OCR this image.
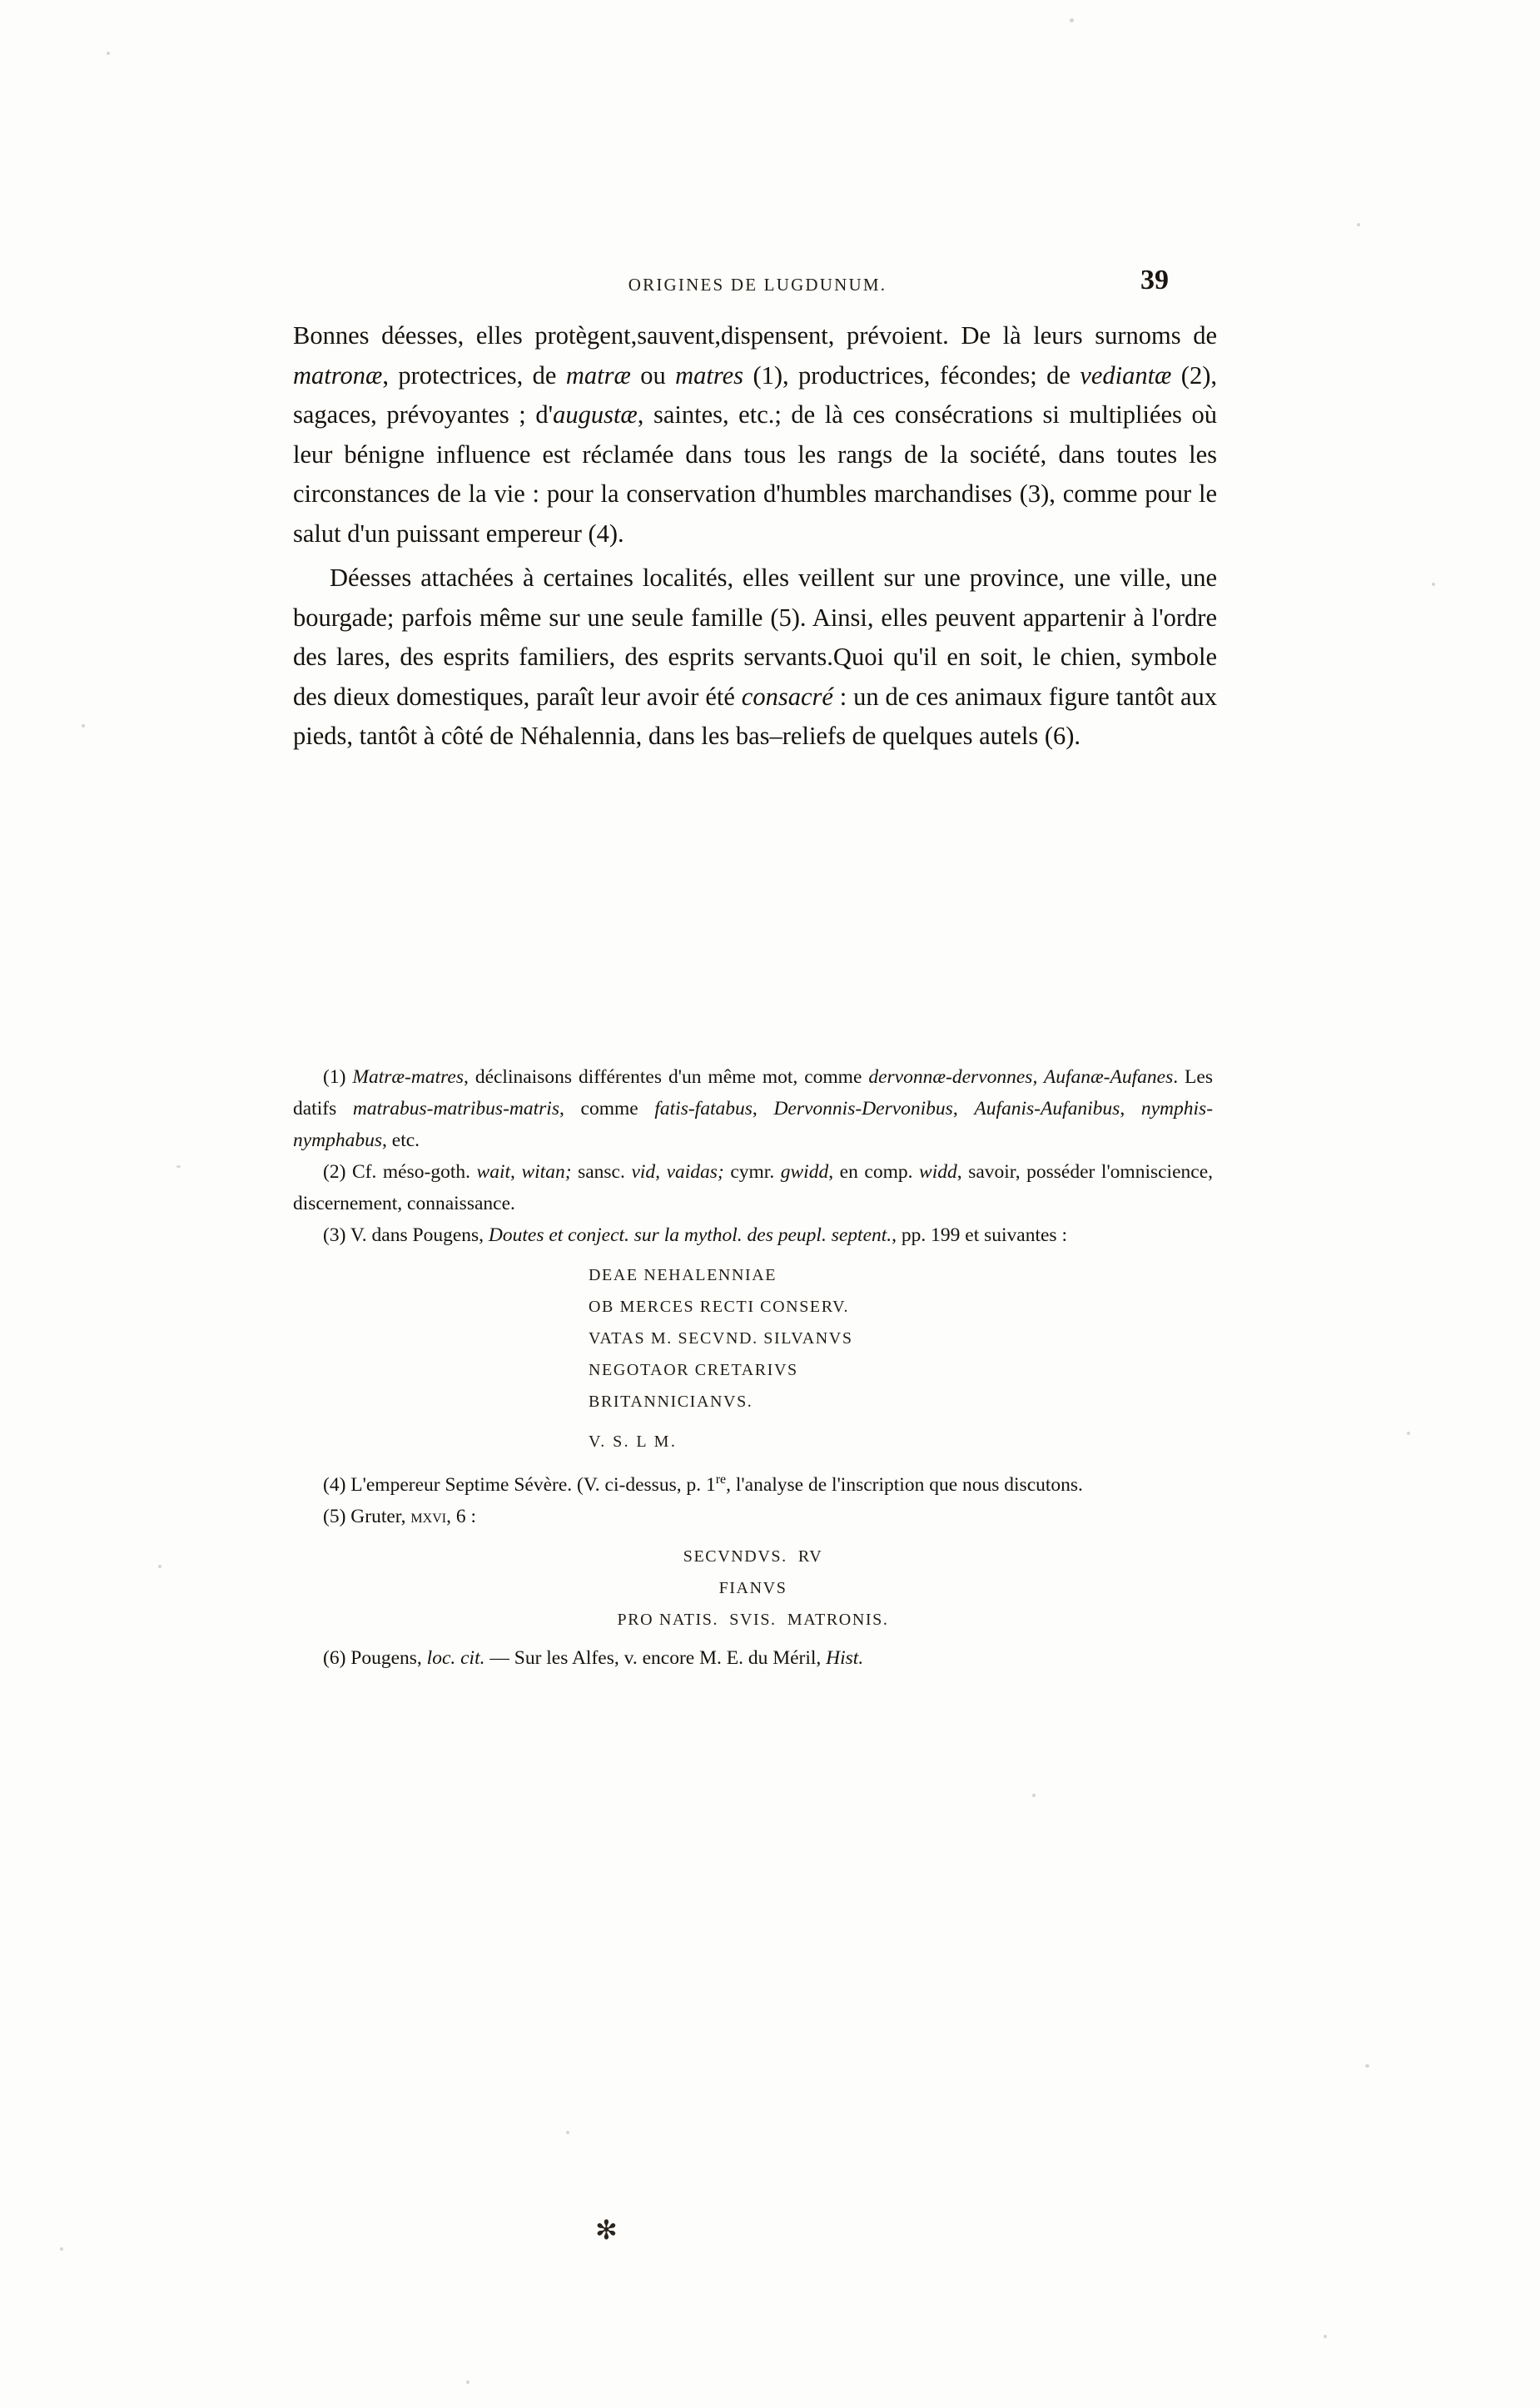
ORIGINES DE LUGDUNUM.	39

Bonnes déesses, elles protègent,sauvent,dispensent, prévoient. De là leurs surnoms de matronæ, protectrices, de matræ ou matres (1), productrices, fécondes; de vediantæ (2), sagaces, prévoyantes ; d'augustæ, saintes, etc.; de là ces consécrations si multipliées où leur bénigne influence est réclamée dans tous les rangs de la société, dans toutes les circonstances de la vie : pour la conservation d'humbles marchandises (3), comme pour le salut d'un puissant empereur (4).

Déesses attachées à certaines localités, elles veillent sur une province, une ville, une bourgade; parfois même sur une seule famille (5). Ainsi, elles peuvent appartenir à l'ordre des lares, des esprits familiers, des esprits servants.Quoi qu'il en soit, le chien, symbole des dieux domestiques, paraît leur avoir été consacré : un de ces animaux figure tantôt aux pieds, tantôt à côté de Néhalennia, dans les bas–reliefs de quelques autels (6).

(1) Matræ-matres, déclinaisons différentes d'un même mot, comme dervonnæ-dervonnes, Aufanæ-Aufanes. Les datifs matrabus-matribus-matris, comme fatis-fatabus, Dervonnis-Dervonibus, Aufanis-Aufanibus, nymphis-nymphabus, etc.

(2) Cf. méso-goth. wait, witan; sansc. vid, vaidas; cymr. gwidd, en comp. widd, savoir, posséder l'omniscience, discernement, connaissance.

(3) V. dans Pougens, Doutes et conject. sur la mythol. des peupl. septent., pp. 199 et suivantes :

DEAE NEHALENNIAE
OB MERCES RECTI CONSERV.
VATAS M. SECVND. SILVANVS
NEGOTAOR CRETARIVS
BRITANNICIANVS.
V. S. L M.

(4) L'empereur Septime Sévère. (V. ci-dessus, p. 1re, l'analyse de l'inscription que nous discutons.

(5) Gruter, mxvi, 6 :

SECVNDVS.  RV
FIANVS
PRO NATIS.  SVIS.  MATRONIS.

(6) Pougens, loc. cit. — Sur les Alfes, v. encore M. E. du Méril, Hist.

✻
